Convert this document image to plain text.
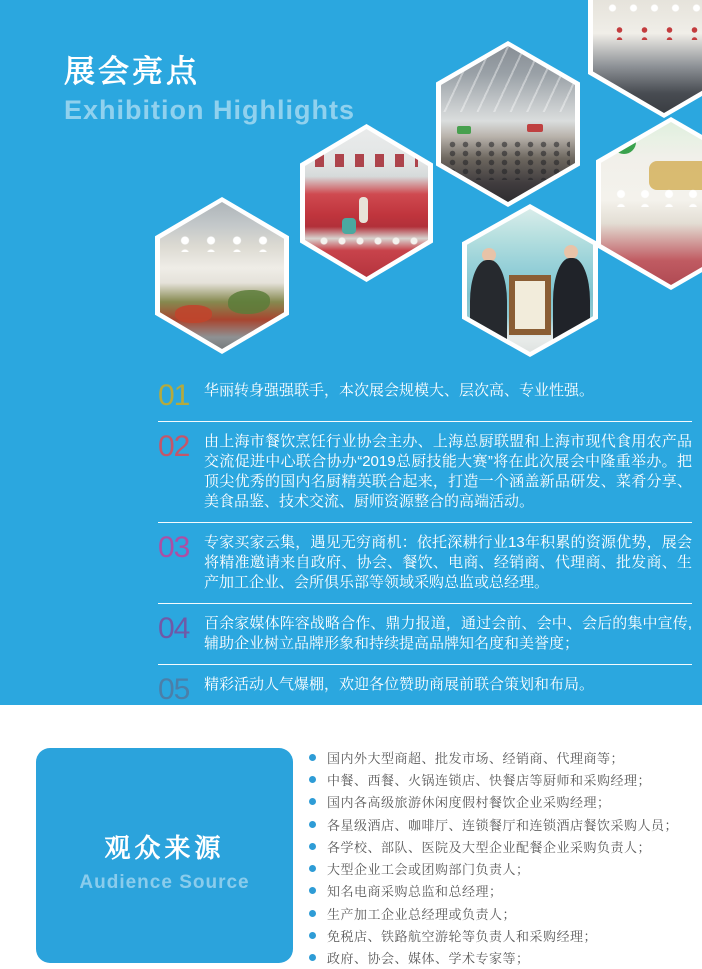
展会亮点
Exhibition Highlights
01 华丽转身强强联手，本次展会规模大、层次高、专业性强。
02 由上海市餐饮烹饪行业协会主办、上海总厨联盟和上海市现代食用农产品交流促进中心联合协办“2019总厨技能大赛”将在此次展会中隆重举办。把顶尖优秀的国内名厨精英联合起来，打造一个涵盖新品研发、菜肴分享、美食品鉴、技术交流、厨师资源整合的高端活动。
03 专家买家云集，遇见无穷商机：依托深耕行业13年积累的资源优势，展会将精准邀请来自政府、协会、餐饮、电商、经销商、代理商、批发商、生产加工企业、会所俱乐部等领域采购总监或总经理。
04 百余家媒体阵容战略合作、鼎力报道，通过会前、会中、会后的集中宣传,辅助企业树立品牌形象和持续提高品牌知名度和美誉度；
05 精彩活动人气爆棚，欢迎各位赞助商展前联合策划和布局。
观众来源
Audience Source
国内外大型商超、批发市场、经销商、代理商等；
中餐、西餐、火锅连锁店、快餐店等厨师和采购经理；
国内各高级旅游休闲度假村餐饮企业采购经理；
各星级酒店、咖啡厅、连锁餐厅和连锁酒店餐饮采购人员；
各学校、部队、医院及大型企业配餐企业采购负责人；
大型企业工会或团购部门负责人；
知名电商采购总监和总经理；
生产加工企业总经理或负责人；
免税店、铁路航空游轮等负责人和采购经理；
政府、协会、媒体、学术专家等；
